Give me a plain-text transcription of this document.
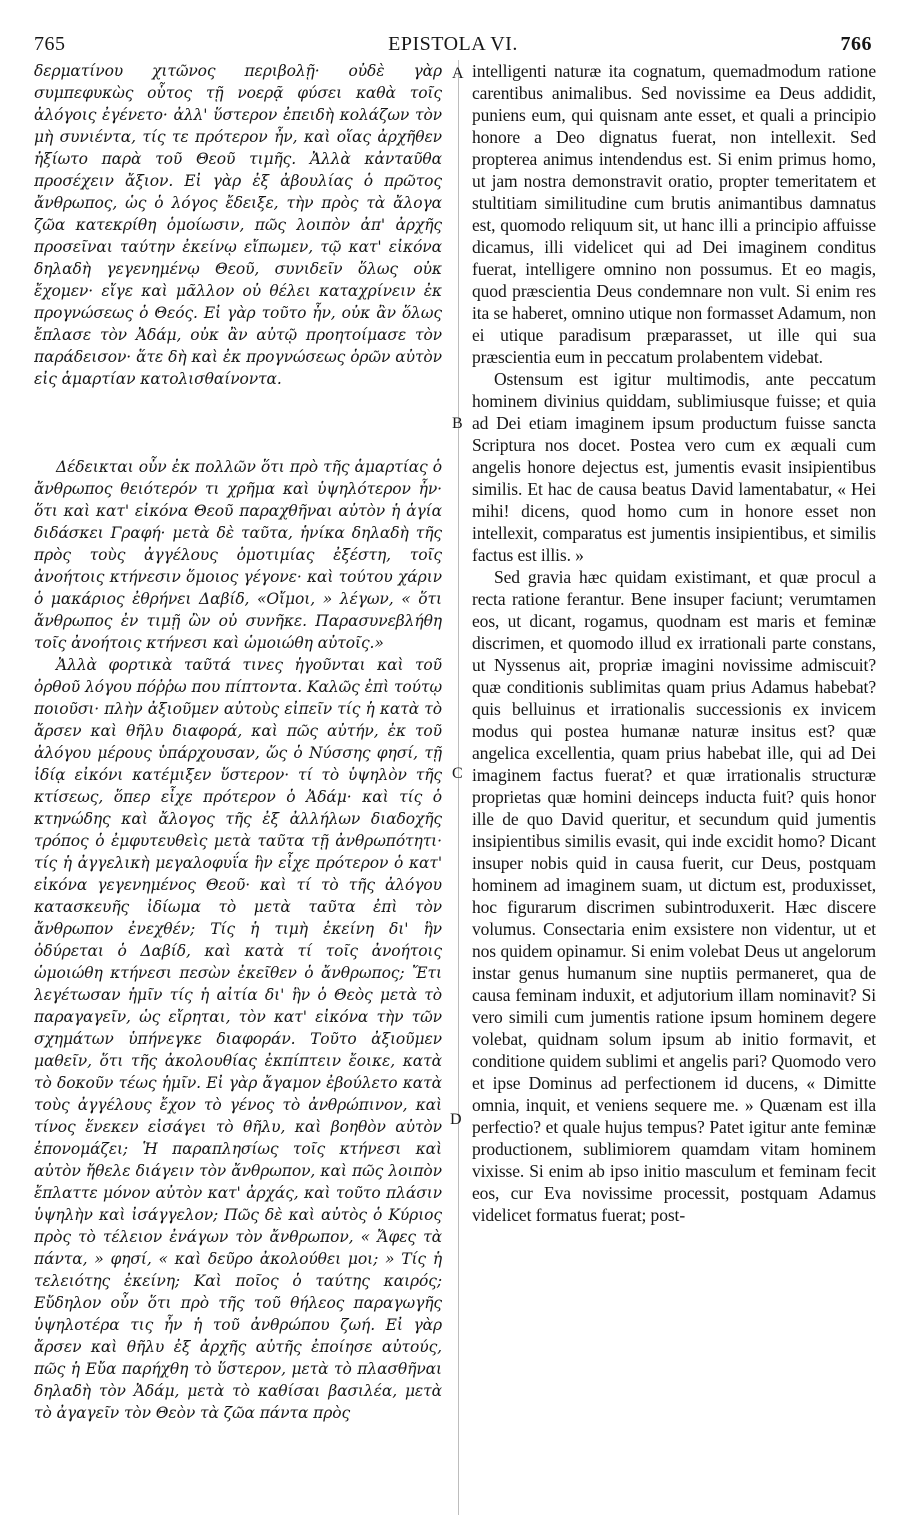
EPISTOLA VI.
765	766

δερματίνου χιτῶνος περιβολῇ· οὐδὲ γὰρ συμπεφυκὼς οὗτος τῇ νοερᾷ φύσει καθὰ τοῖς ἀλόγοις ἐγένετο· ἀλλ' ὕστερον ἐπειδὴ κολάζων τὸν μὴ συνιέντα, τίς τε πρότερον ἦν, καὶ οἵας ἀρχῆθεν ἠξίωτο παρὰ τοῦ Θεοῦ τιμῆς. Ἀλλὰ κἀνταῦθα προσέχειν ἄξιον. Εἰ γὰρ ἐξ ἀβουλίας ὁ πρῶτος ἄνθρωπος, ὡς ὁ λόγος ἔδειξε, τὴν πρὸς τὰ ἄλογα ζῶα κατεκρίθη ὁμοίωσιν, πῶς λοιπὸν ἀπ' ἀρχῆς προσεῖναι ταύτην ἐκείνῳ εἴπωμεν, τῷ κατ' εἰκόνα δηλαδὴ γεγενημένῳ Θεοῦ, συνιδεῖν ὅλως οὐκ ἔχομεν· εἴγε καὶ μᾶλλον οὐ θέλει καταχρίνειν ἐκ προγνώσεως ὁ Θεός. Εἰ γὰρ τοῦτο ἦν, οὐκ ἂν ὅλως ἔπλασε τὸν Ἀδάμ, οὐκ ἂν αὐτῷ προητοίμασε τὸν παράδεισον· ἅτε δὴ καὶ ἐκ προγνώσεως ὁρῶν αὐτὸν εἰς ἁμαρτίαν κατολισθαίνοντα.

Δέδεικται οὖν ἐκ πολλῶν ὅτι πρὸ τῆς ἁμαρτίας ὁ ἄνθρωπος θειότερόν τι χρῆμα καὶ ὑψηλότερον ἦν· ὅτι καὶ κατ' εἰκόνα Θεοῦ παραχθῆναι αὐτὸν ἡ ἁγία διδάσκει Γραφή· μετὰ δὲ ταῦτα, ἡνίκα δηλαδὴ τῆς πρὸς τοὺς ἀγγέλους ὁμοτιμίας ἐξέστη, τοῖς ἀνοήτοις κτήνεσιν ὅμοιος γέγονε· καὶ τούτου χάριν ὁ μακάριος ἐθρήνει Δαβίδ, «Οἴμοι, » λέγων, « ὅτι ἄνθρωπος ἐν τιμῇ ὢν οὐ συνῆκε. Παρασυνεβλήθη τοῖς ἀνοήτοις κτήνεσι καὶ ὡμοιώθη αὐτοῖς.»

Ἀλλὰ φορτικὰ ταῦτά τινες ἡγοῦνται καὶ τοῦ ὀρθοῦ λόγου πόῤῥω που πίπτοντα. Καλῶς ἐπὶ τούτῳ ποιοῦσι· πλὴν ἀξιοῦμεν αὐτοὺς εἰπεῖν τίς ἡ κατὰ τὸ ἄρσεν καὶ θῆλυ διαφορά, καὶ πῶς αὐτήν, ἐκ τοῦ ἀλόγου μέρους ὑπάρχουσαν, ὥς ὁ Νύσσης φησί, τῇ ἰδίᾳ εἰκόνι κατέμιξεν ὕστερον· τί τὸ ὑψηλὸν τῆς κτίσεως, ὅπερ εἶχε πρότερον ὁ Ἀδάμ· καὶ τίς ὁ κτηνώδης καὶ ἄλογος τῆς ἐξ ἀλλήλων διαδοχῆς τρόπος ὁ ἐμφυτευθεὶς μετὰ ταῦτα τῇ ἀνθρωπότητι· τίς ἡ ἀγγελικὴ μεγαλοφυΐα ἣν εἶχε πρότερον ὁ κατ' εἰκόνα γεγενημένος Θεοῦ· καὶ τί τὸ τῆς ἀλόγου κατασκευῆς ἰδίωμα τὸ μετὰ ταῦτα ἐπὶ τὸν ἄνθρωπον ἐνεχθέν; Τίς ἡ τιμὴ ἐκείνη δι' ἣν ὀδύρεται ὁ Δαβίδ, καὶ κατὰ τί τοῖς ἀνοήτοις ὡμοιώθη κτήνεσι πεσὼν ἐκεῖθεν ὁ ἄνθρωπος; Ἔτι λεγέτωσαν ἡμῖν τίς ἡ αἰτία δι' ἣν ὁ Θεὸς μετὰ τὸ παραγαγεῖν, ὡς εἴρηται, τὸν κατ' εἰκόνα τὴν τῶν σχημάτων ὑπήνεγκε διαφοράν. Τοῦτο ἀξιοῦμεν μαθεῖν, ὅτι τῆς ἀκολουθίας ἐκπίπτειν ἔοικε, κατὰ τὸ δοκοῦν τέως ἡμῖν. Εἰ γὰρ ἄγαμον ἐβούλετο κατὰ τοὺς ἀγγέλους ἔχον τὸ γένος τὸ ἀνθρώπινον, καὶ τίνος ἕνεκεν εἰσάγει τὸ θῆλυ, καὶ βοηθὸν αὐτὸν ἐπονομάζει; Ἡ παραπλησίως τοῖς κτήνεσι καὶ αὐτὸν ἤθελε διάγειν τὸν ἄνθρωπον, καὶ πῶς λοιπὸν ἔπλαττε μόνον αὐτὸν κατ' ἀρχάς, καὶ τοῦτο πλάσιν ὑψηλὴν καὶ ἰσάγγελον; Πῶς δὲ καὶ αὐτὸς ὁ Κύριος πρὸς τὸ τέλειον ἐνάγων τὸν ἄνθρωπον, « Ἄφες τὰ πάντα, » φησί, « καὶ δεῦρο ἀκολούθει μοι; » Τίς ἡ τελειότης ἐκείνη; Καὶ ποῖος ὁ ταύτης καιρός; Εὔδηλον οὖν ὅτι πρὸ τῆς τοῦ θήλεος παραγωγῆς ὑψηλοτέρα τις ἦν ἡ τοῦ ἀνθρώπου ζωή. Εἰ γὰρ ἄρσεν καὶ θῆλυ ἐξ ἀρχῆς αὐτῆς ἐποίησε αὐτούς, πῶς ἡ Εὔα παρήχθη τὸ ὕστερον, μετὰ τὸ πλασθῆναι δηλαδὴ τὸν Ἀδάμ, μετὰ τὸ καθίσαι βασιλέα, μετὰ τὸ ἀγαγεῖν τὸν Θεὸν τὰ ζῶα πάντα πρὸς

A
B
C
D

intelligenti naturæ ita cognatum, quemadmodum ratione carentibus animalibus. Sed novissime ea Deus addidit, puniens eum, qui quisnam ante esset, et quali a principio honore a Deo dignatus fuerat, non intellexit. Sed propterea animus intendendus est. Si enim primus homo, ut jam nostra demonstravit oratio, propter temeritatem et stultitiam similitudine cum brutis animantibus damnatus est, quomodo reliquum sit, ut hanc illi a principio affuisse dicamus, illi videlicet qui ad Dei imaginem conditus fuerat, intelligere omnino non possumus. Et eo magis, quod præscientia Deus condemnare non vult. Si enim res ita se haberet, omnino utique non formasset Adamum, non ei utique paradisum præparasset, ut ille qui sua præscientia eum in peccatum prolabentem videbat.

Ostensum est igitur multimodis, ante peccatum hominem divinius quiddam, sublimiusque fuisse; et quia ad Dei etiam imaginem ipsum productum fuisse sancta Scriptura nos docet. Postea vero cum ex æquali cum angelis honore dejectus est, jumentis evasit insipientibus similis. Et hac de causa beatus David lamentabatur, « Hei mihi! dicens, quod homo cum in honore esset non intellexit, comparatus est jumentis insipientibus, et similis factus est illis. »

Sed gravia hæc quidam existimant, et quæ procul a recta ratione ferantur. Bene insuper faciunt; verumtamen eos, ut dicant, rogamus, quodnam est maris et feminæ discrimen, et quomodo illud ex irrationali parte constans, ut Nyssenus ait, propriæ imagini novissime admiscuit? quæ conditionis sublimitas quam prius Adamus habebat? quis belluinus et irrationalis successionis ex invicem modus qui postea humanæ naturæ insitus est? quæ angelica excellentia, quam prius habebat ille, qui ad Dei imaginem factus fuerat? et quæ irrationalis structuræ proprietas quæ homini deinceps inducta fuit? quis honor ille de quo David queritur, et secundum quid jumentis insipientibus similis evasit, qui inde excidit homo? Dicant insuper nobis quid in causa fuerit, cur Deus, postquam hominem ad imaginem suam, ut dictum est, produxisset, hoc figurarum discrimen subintroduxerit. Hæc discere volumus. Consectaria enim exsistere non videntur, ut et nos quidem opinamur. Si enim volebat Deus ut angelorum instar genus humanum sine nuptiis permaneret, qua de causa feminam induxit, et adjutorium illam nominavit? Si vero simili cum jumentis ratione ipsum hominem degere volebat, quidnam solum ipsum ab initio formavit, et conditione quidem sublimi et angelis pari? Quomodo vero et ipse Dominus ad perfectionem id ducens, « Dimitte omnia, inquit, et veniens sequere me. » Quænam est illa perfectio? et quale hujus tempus? Patet igitur ante feminæ productionem, sublimiorem quamdam vitam hominem vixisse. Si enim ab ipso initio masculum et feminam fecit eos, cur Eva novissime processit, postquam Adamus videlicet formatus fuerat; post-
